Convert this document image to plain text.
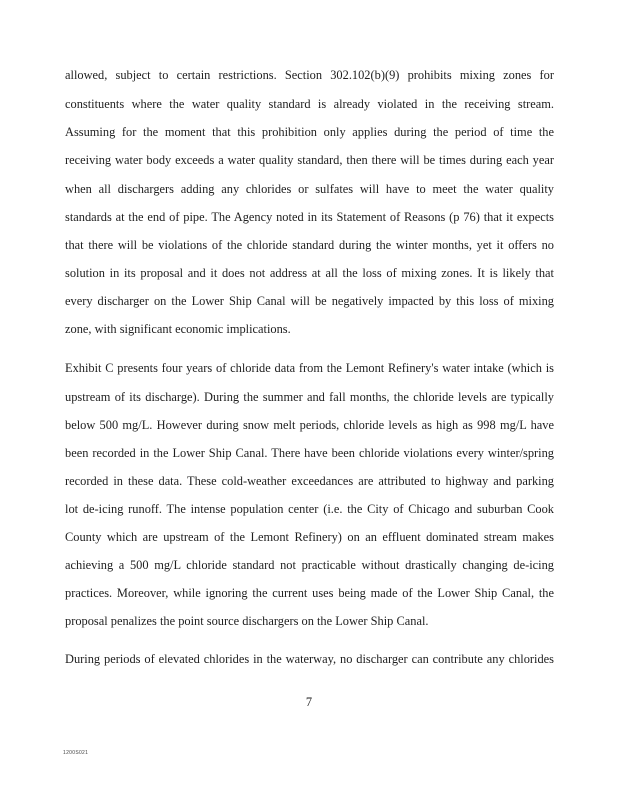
allowed, subject to certain restrictions. Section 302.102(b)(9) prohibits mixing zones for
constituents where the water quality standard is already violated in the receiving stream.
Assuming for the moment that this prohibition only applies during the period of time the
receiving water body exceeds a water quality standard, then there will be times during each year
when all dischargers adding any chlorides or sulfates will have to meet the water quality
standards at the end of pipe. The Agency noted in its Statement of Reasons (p 76) that it expects
that there will be violations of the chloride standard during the winter months, yet it offers no
solution in its proposal and it does not address at all the loss of mixing zones. It is likely that
every discharger on the Lower Ship Canal will be negatively impacted by this loss of mixing
zone, with significant economic implications.
Exhibit C presents four years of chloride data from the Lemont Refinery's water intake (which is
upstream of its discharge). During the summer and fall months, the chloride levels are typically
below 500 mg/L. However during snow melt periods, chloride levels as high as 998 mg/L have
been recorded in the Lower Ship Canal. There have been chloride violations every winter/spring
recorded in these data. These cold-weather exceedances are attributed to highway and parking
lot de-icing runoff. The intense population center (i.e. the City of Chicago and suburban Cook
County which are upstream of the Lemont Refinery) on an effluent dominated stream makes
achieving a 500 mg/L chloride standard not practicable without drastically changing de-icing
practices. Moreover, while ignoring the current uses being made of the Lower Ship Canal, the
proposal penalizes the point source dischargers on the Lower Ship Canal.
During periods of elevated chlorides in the waterway, no discharger can contribute any chlorides
7
1200S021
